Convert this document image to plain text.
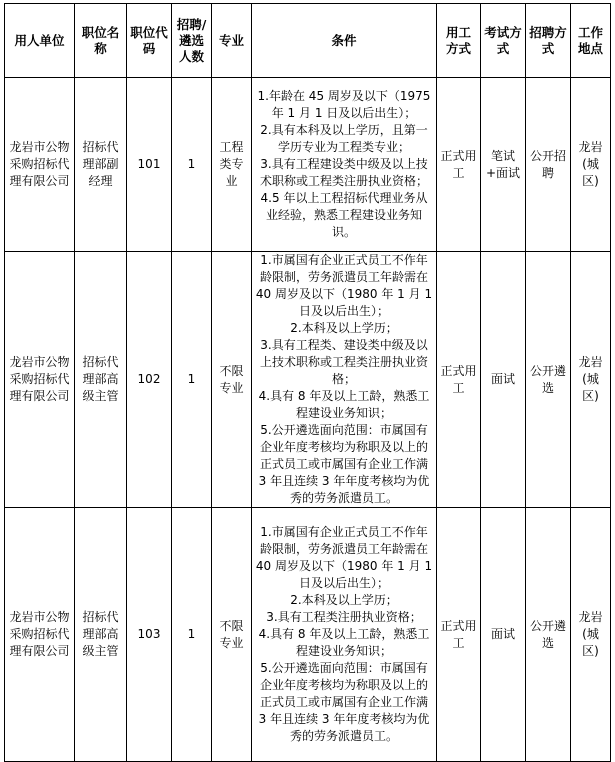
用人单位	职位名称	职位代码	招聘/遴选人数	专业	条件	用工方式	考试方式	招聘方式	工作地点
龙岩市公物采购招标代理有限公司	招标代理部副经理	101	1	工程类专业	1.年龄在 45 周岁及以下（1975 年 1 月 1 日及以后出生）；
2.具有本科及以上学历，且第一学历专业为工程类专业；
3.具有工程建设类中级及以上技术职称或工程类注册执业资格；
4.5 年以上工程招标代理业务从业经验，熟悉工程建设业务知识。	正式用工	笔试+面试	公开招聘	龙岩(城区)
龙岩市公物采购招标代理有限公司	招标代理部高级主管	102	1	不限专业	1.市属国有企业正式员工不作年龄限制，劳务派遣员工年龄需在 40 周岁及以下（1980 年 1 月 1 日及以后出生）；
2.本科及以上学历；
3.具有工程类、建设类中级及以上技术职称或工程类注册执业资格；
4.具有 8 年及以上工龄，熟悉工程建设业务知识；
5.公开遴选面向范围：市属国有企业年度考核均为称职及以上的正式员工或市属国有企业工作满 3 年且连续 3 年年度考核均为优秀的劳务派遣员工。	正式用工	面试	公开遴选	龙岩(城区)
龙岩市公物采购招标代理有限公司	招标代理部高级主管	103	1	不限专业	1.市属国有企业正式员工不作年龄限制，劳务派遣员工年龄需在 40 周岁及以下（1980 年 1 月 1 日及以后出生）；
2.本科及以上学历；
3.具有工程类注册执业资格；
4.具有 8 年及以上工龄，熟悉工程建设业务知识；
5.公开遴选面向范围：市属国有企业年度考核均为称职及以上的正式员工或市属国有企业工作满 3 年且连续 3 年年度考核均为优秀的劳务派遣员工。	正式用工	面试	公开遴选	龙岩(城区)
